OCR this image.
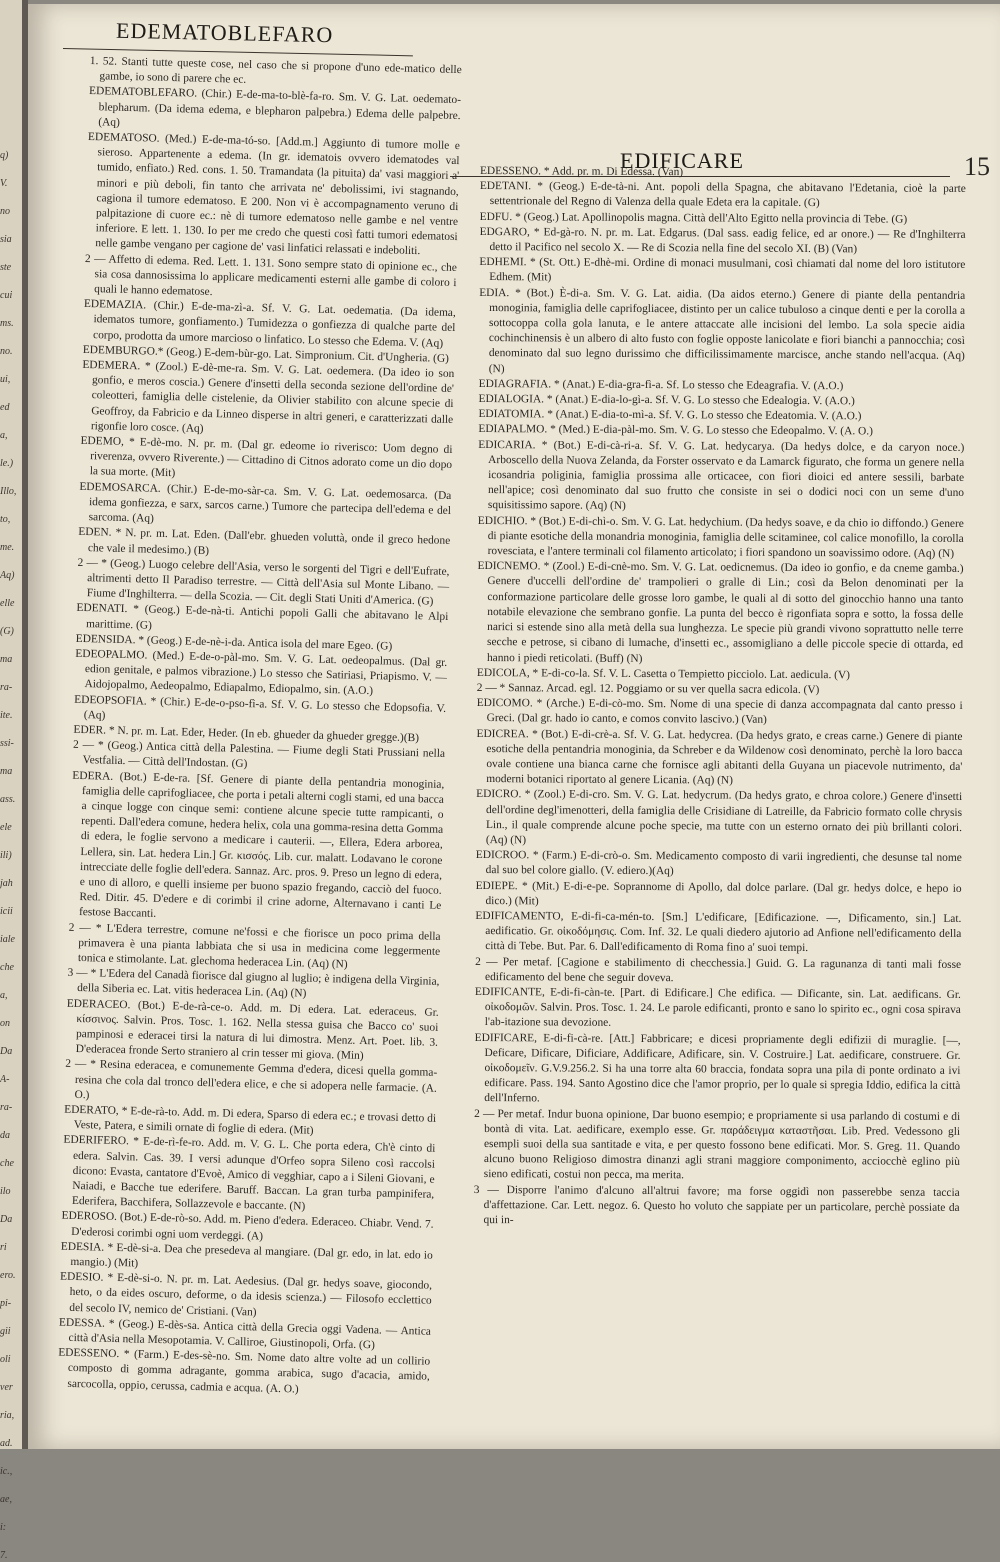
q)
V.
no
sia
ste
cui
ms.
no.
ui,
ed
a,
le.)
Illo,
to,
me.
Aq)
elle
(G)
ma
ra-
ite.
ssi-
ma
ass.
ele
ili)
jah
icii
iale
che
a,
on
Da
A-
ra-
da
che
ilo
Da
ri
ero.
pi-
gii
oli
ver
ria,
ad.
ic.,
ae,
i:
7.
EDEMATOBLEFARO
EDIFICARE	15

1. 52. Stanti tutte queste cose, nel caso che si propone d'uno ede-matico delle gambe, io sono di parere che ec.

EDEMATOBLEFARO. (Chir.) E-de-ma-to-blè-fa-ro. Sm. V. G. Lat. oedemato-blepharum. (Da idema edema, e blepharon palpebra.) Edema delle palpebre. (Aq)

EDEMATOSO. (Med.) E-de-ma-tó-so. [Add.m.] Aggiunto di tumore molle e sieroso. Appartenente a edema. (In gr. idematois ovvero idematodes val tumido, enfiato.) Red. cons. 1. 50. Tramandata (la pituita) da' vasi maggiori a' minori e più deboli, fin tanto che arrivata ne' debolissimi, ivi stagnando, cagiona il tumore edematoso. E 200. Non vi è accompagnamento veruno di palpitazione di cuore ec.: nè di tumore edematoso nelle gambe e nel ventre inferiore. E lett. 1. 130. Io per me credo che questi così fatti tumori edematosi nelle gambe vengano per cagione de' vasi linfatici relassati e indeboliti.

2 — Affetto di edema. Red. Lett. 1. 131. Sono sempre stato di opinione ec., che sia cosa dannosissima lo applicare medicamenti esterni alle gambe di coloro i quali le hanno edematose.

EDEMAZIA. (Chir.) E-de-ma-zì-a. Sf. V. G. Lat. oedematia. (Da idema, idematos tumore, gonfiamento.) Tumidezza o gonfiezza di qualche parte del corpo, prodotta da umore marcioso o linfatico. Lo stesso che Edema. V. (Aq)

EDEMBURGO.* (Geog.) E-dem-bùr-go. Lat. Simpronium. Cit. d'Ungheria. (G)

EDEMERA. * (Zool.) E-dè-me-ra. Sm. V. G. Lat. oedemera. (Da ideo io son gonfio, e meros coscia.) Genere d'insetti della seconda sezione dell'ordine de' coleotteri, famiglia delle cistelenie, da Olivier stabilito con alcune specie di Geoffroy, da Fabricio e da Linneo disperse in altri generi, e caratterizzati dalle rigonfie loro cosce. (Aq)

EDEMO, * E-dè-mo. N. pr. m. (Dal gr. edeome io riveriscо: Uom degno di riverenza, ovvero Riverente.) — Cittadino di Citnos adorato come un dio dopo la sua morte. (Mit)

EDEMOSARCA. (Chir.) E-de-mo-sàr-ca. Sm. V. G. Lat. oedemosarca. (Da idema gonfiezza, e sarx, sarcos carne.) Tumore che partecipa dell'edema e del sarcoma. (Aq)

EDEN. * N. pr. m. Lat. Eden. (Dall'ebr. ghueden voluttà, onde il greco hedone che vale il medesimo.) (B)

2 — * (Geog.) Luogo celebre dell'Asia, verso le sorgenti del Tigri e dell'Eufrate, altrimenti detto Il Paradiso terrestre. — Città dell'Asia sul Monte Libano. — Fiume d'Inghilterra. — della Scozia. — Cit. degli Stati Uniti d'America. (G)

EDENATI. * (Geog.) E-de-nà-ti. Antichi popoli Galli che abitavano le Alpi marittime. (G)

EDENSIDA. * (Geog.) E-de-nè-i-da. Antica isola del mare Egeo. (G)

EDEOPALMO. (Med.) E-de-o-pàl-mo. Sm. V. G. Lat. oedeopalmus. (Dal gr. edion genitale, e palmos vibrazione.) Lo stesso che Satiriasi, Priapismo. V. — Aidojopalmo, Aedeopalmo, Ediapalmo, Ediopalmo, sin. (A.O.)

EDEOPSOFIA. * (Chir.) E-de-o-pso-fì-a. Sf. V. G. Lo stesso che Edopsofia. V. (Aq)

EDER. * N. pr. m. Lat. Eder, Heder. (In eb. ghueder da ghueder gregge.)(B)

2 — * (Geog.) Antica città della Palestina. — Fiume degli Stati Prussiani nella Vestfalia. — Città dell'Indostan. (G)

EDERA. (Bot.) E-de-ra. [Sf. Genere di piante della pentandria monoginia, famiglia delle caprifogliacee, che porta i petali alterni cogli stami, ed una bacca a cinque logge con cinque semi: contiene alcune specie tutte rampicanti, o repenti. Dall'edera comune, hedera helix, cola una gomma-resina detta Gomma di edera, le foglie servono a medicare i cauterii. —, Ellera, Edera arborea, Lellera, sin. Lat. hedera Lin.] Gr. κισσός. Lib. cur. malatt. Lodavano le corone intrecciate delle foglie dell'edera. Sannaz. Arc. pros. 9. Preso un legno di edera, e uno di alloro, e quelli insieme per buono spazio fregando, cacciò del fuoco. Red. Ditir. 45. D'edere e di corimbi il crine adorne, Alternavano i canti Le festose Baccanti.

2 — * L'Edera terrestre, comune ne'fossi e che fiorisce un poco prima della primavera è una pianta labbiata che si usa in medicina come leggermente tonica e stimolante. Lat. glechoma hederacea Lin. (Aq) (N)

3 — * L'Edera del Canadà fiorisce dal giugno al luglio; è indigena della Virginia, della Siberia ec. Lat. vitis hederacea Lin. (Aq) (N)

EDERACEO. (Bot.) E-de-rà-ce-o. Add. m. Di edera. Lat. ederaceus. Gr. κίσσινος. Salvin. Pros. Tosc. 1. 162. Nella stessa guisa che Bacco co' suoi pampinosi e ederacei tirsi la natura di lui dimostra. Menz. Art. Poet. lib. 3. D'ederacea fronde Serto straniero al crin tesser mi giova. (Min)

2 — * Resina ederacea, e comunemente Gemma d'edera, dicesi quella gomma-resina che cola dal tronco dell'edera elice, e che si adopera nelle farmacie. (A. O.)

EDERATO, * E-de-rà-to. Add. m. Di edera, Sparso di edera ec.; e trovasi detto di Veste, Patera, e simili ornate di foglie di edera. (Mit)

EDERIFERO. * E-de-rì-fe-ro. Add. m. V. G. L. Che porta edera, Ch'è cinto di edera. Salvin. Cas. 39. I versi adunque d'Orfeo sopra Sileno così raccolsi dicono: Evasta, cantatore d'Evoè, Amico di vegghiar, capo a i Sileni Giovani, e Naiadi, e Bacche tue ederifere. Baruff. Baccan. La gran turba pampinifera, Ederifera, Bacchifera, Sollazzevole e baccante. (N)

EDEROSO. (Bot.) E-de-rò-so. Add. m. Pieno d'edera. Ederaceo. Chiabr. Vend. 7. D'ederosi corimbi ogni uom verdeggi. (A)

EDESIA. * E-dè-si-a. Dea che presedeva al mangiare. (Dal gr. edo, in lat. edo io mangio.) (Mit)

EDESIO. * E-dè-si-o. N. pr. m. Lat. Aedesius. (Dal gr. hedys soave, giocondo, heto, o da eides oscuro, deforme, o da idesis scienza.) — Filosofo ecclettico del secolo IV, nemico de' Cristiani. (Van)

EDESSA. * (Geog.) E-dès-sa. Antica città della Grecia oggi Vadena. — Antica città d'Asia nella Mesopotamia. V. Calliroe, Giustinopoli, Orfa. (G)

EDESSENO. * (Farm.) E-des-sè-no. Sm. Nome dato altre volte ad un collirio composto di gomma adragante, gomma arabica, sugo d'acacia, amido, sarcocolla, oppio, cerussa, cadmia e acqua. (A. O.)

EDESSENO. * Add. pr. m. Di Edessa. (Van)

EDETANI. * (Geog.) E-de-tà-ni. Ant. popoli della Spagna, che abitavano l'Edetania, cioè la parte settentrionale del Regno di Valenza della quale Edeta era la capitale. (G)

EDFU. * (Geog.) Lat. Apollinopolis magna. Città dell'Alto Egitto nella provincia di Tebe. (G)

EDGARO, * Ed-gà-ro. N. pr. m. Lat. Edgarus. (Dal sass. eadig felice, ed ar onore.) — Re d'Inghilterra detto il Pacifico nel secolo X. — Re di Scozia nella fine del secolo XI. (B) (Van)

EDHEMI. * (St. Ott.) E-dhè-mi. Ordine di monaci musulmani, così chiamati dal nome del loro istitutore Edhem. (Mit)

EDIA. * (Bot.) È-di-a. Sm. V. G. Lat. aidia. (Da aidos eterno.) Genere di piante della pentandria monoginia, famiglia delle caprifogliacee, distinto per un calice tubuloso a cinque denti e per la corolla a sottocoppa colla gola lanuta, e le antere attaccate alle incisioni del lembo. La sola specie aidia cochinchinensis è un albero di alto fusto con foglie opposte lanicolate e fiori bianchi a pannocchia; così denominato dal suo legno durissimo che difficilissimamente marcisce, anche stando nell'acqua. (Aq) (N)

EDIAGRAFIA. * (Anat.) E-dia-gra-fì-a. Sf. Lo stesso che Edeagrafia. V. (A.O.)

EDIALOGIA. * (Anat.) E-dia-lo-gì-a. Sf. V. G. Lo stesso che Edealogia. V. (A.O.)

EDIATOMIA. * (Anat.) E-dia-to-mì-a. Sf. V. G. Lo stesso che Edeatomia. V. (A.O.)

EDIAPALMO. * (Med.) E-dia-pàl-mo. Sm. V. G. Lo stesso che Edeopalmo. V. (A. O.)

EDICARIA. * (Bot.) E-di-cà-ri-a. Sf. V. G. Lat. hedycarya. (Da hedys dolce, e da caryon noce.) Arboscello della Nuova Zelanda, da Forster osservato e da Lamarck figurato, che forma un genere nella icosandria poliginia, famiglia prossima alle orticacee, con fiori dioici ed antere sessili, barbate nell'apice; così denominato dal suo frutto che consiste in sei o dodici noci con un seme d'uno squisitissimo sapore. (Aq) (N)

EDICHIO. * (Bot.) E-di-chì-o. Sm. V. G. Lat. hedychium. (Da hedys soave, e da chio io diffondo.) Genere di piante esotiche della monandria monoginia, famiglia delle scitaminee, col calice monofillo, la corolla rovesciata, e l'antere terminali col filamento articolato; i fiori spandono un soavissimo odore. (Aq) (N)

EDICNEMO. * (Zool.) E-di-cnè-mo. Sm. V. G. Lat. oedicnemus. (Da ideo io gonfio, e da cneme gamba.) Genere d'uccelli dell'ordine de' trampolieri o gralle di Lin.; così da Belon denominati per la conformazione particolare delle grosse loro gambe, le quali al di sotto del ginocchio hanno una tanto notabile elevazione che sembrano gonfie. La punta del becco è rigonfiata sopra e sotto, la fossa delle narici si estende sino alla metà della sua lunghezza. Le specie più grandi vivono soprattutto nelle terre secche e petrose, si cibano di lumache, d'insetti ec., assomigliano a delle piccole specie di ottarda, ed hanno i piedi reticolati. (Buff) (N)

EDICOLA, * E-di-co-la. Sf. V. L. Casetta o Tempietto picciolo. Lat. aedicula. (V)

2 — * Sannaz. Arcad. egl. 12. Poggiamo or su ver quella sacra edicola. (V)

EDICOMO. * (Arche.) E-di-cò-mo. Sm. Nome di una specie di danza accompagnata dal canto presso i Greci. (Dal gr. hado io canto, e comos convito lascivo.) (Van)

EDICREA. * (Bot.) E-di-crè-a. Sf. V. G. Lat. hedycrea. (Da hedys grato, e creas carne.) Genere di piante esotiche della pentandria monoginia, da Schreber e da Wildenow così denominato, perchè la loro bacca ovale contiene una bianca carne che fornisce agli abitanti della Guyana un piacevole nutrimento, da' moderni botanici riportato al genere Licania. (Aq) (N)

EDICRO. * (Zool.) E-di-cro. Sm. V. G. Lat. hedycrum. (Da hedys grato, e chroa colore.) Genere d'insetti dell'ordine degl'imenotteri, della famiglia delle Crisidiane di Latreille, da Fabricio formato colle chrysis Lin., il quale comprende alcune poche specie, ma tutte con un esterno ornato dei più brillanti colori. (Aq) (N)

EDICROO. * (Farm.) E-di-crò-o. Sm. Medicamento composto di varii ingredienti, che desunse tal nome dal suo bel colore giallo. (V. ediero.)(Aq)

EDIEPE. * (Mit.) E-di-e-pe. Soprannome di Apollo, dal dolce parlare. (Dal gr. hedys dolce, e hepo io dico.) (Mit)

EDIFICAMENTO, E-di-fi-ca-mén-to. [Sm.] L'edificare, [Edificazione. —, Dificamento, sin.] Lat. aedificatio. Gr. οἰκοδόμησις. Com. Inf. 32. Le quali diedero ajutorio ad Anfione nell'edificamento della città di Tebe. But. Par. 6. Dall'edificamento di Roma fino a' suoi tempi.

2 — Per metaf. [Cagione e stabilimento di checchessia.] Guid. G. La ragunanza di tanti mali fosse edificamento del bene che seguir doveva.

EDIFICANTE, E-di-fi-càn-te. [Part. di Edificare.] Che edifica. — Dificante, sin. Lat. aedificans. Gr. οἰκοδομῶν. Salvin. Pros. Tosc. 1. 24. Le parole edificanti, pronto e sano lo spirito ec., ogni cosa spirava l'ab-itazione sua devozione.

EDIFICARE, E-di-fi-cà-re. [Att.] Fabbricare; e dicesi propriamente degli edifizii di muraglie. [—, Deficare, Dificare, Dificiare, Addificare, Adificare, sin. V. Costruire.] Lat. aedificare, construere. Gr. οἰκοδομεῖν. G.V.9.256.2. Si ha una torre alta 60 braccia, fondata sopra una pila di ponte ordinato a ivi edificare. Pass. 194. Santo Agostino dice che l'amor proprio, per lo quale si spregia Iddio, edifica la città dell'Inferno.

2 — Per metaf. Indur buona opinione, Dar buono esempio; e propriamente si usa parlando di costumi e di bontà di vita. Lat. aedificare, exemplo esse. Gr. παράδειγμα καταστῆσαι. Lib. Pred. Vedessono gli esempli suoi della sua santitade e vita, e per questo fossono bene edificati. Mor. S. Greg. 11. Quando alcuno buono Religioso dimostra dinanzi agli strani maggiore componimento, acciocchè eglino più sieno edificati, costui non pecca, ma merita.

3 — Disporre l'animo d'alcuno all'altrui favore; ma forse oggidì non passerebbe senza taccia d'affettazione. Car. Lett. negoz. 6. Questo ho voluto che sappiate per un particolare, perchè possiate da qui in-
